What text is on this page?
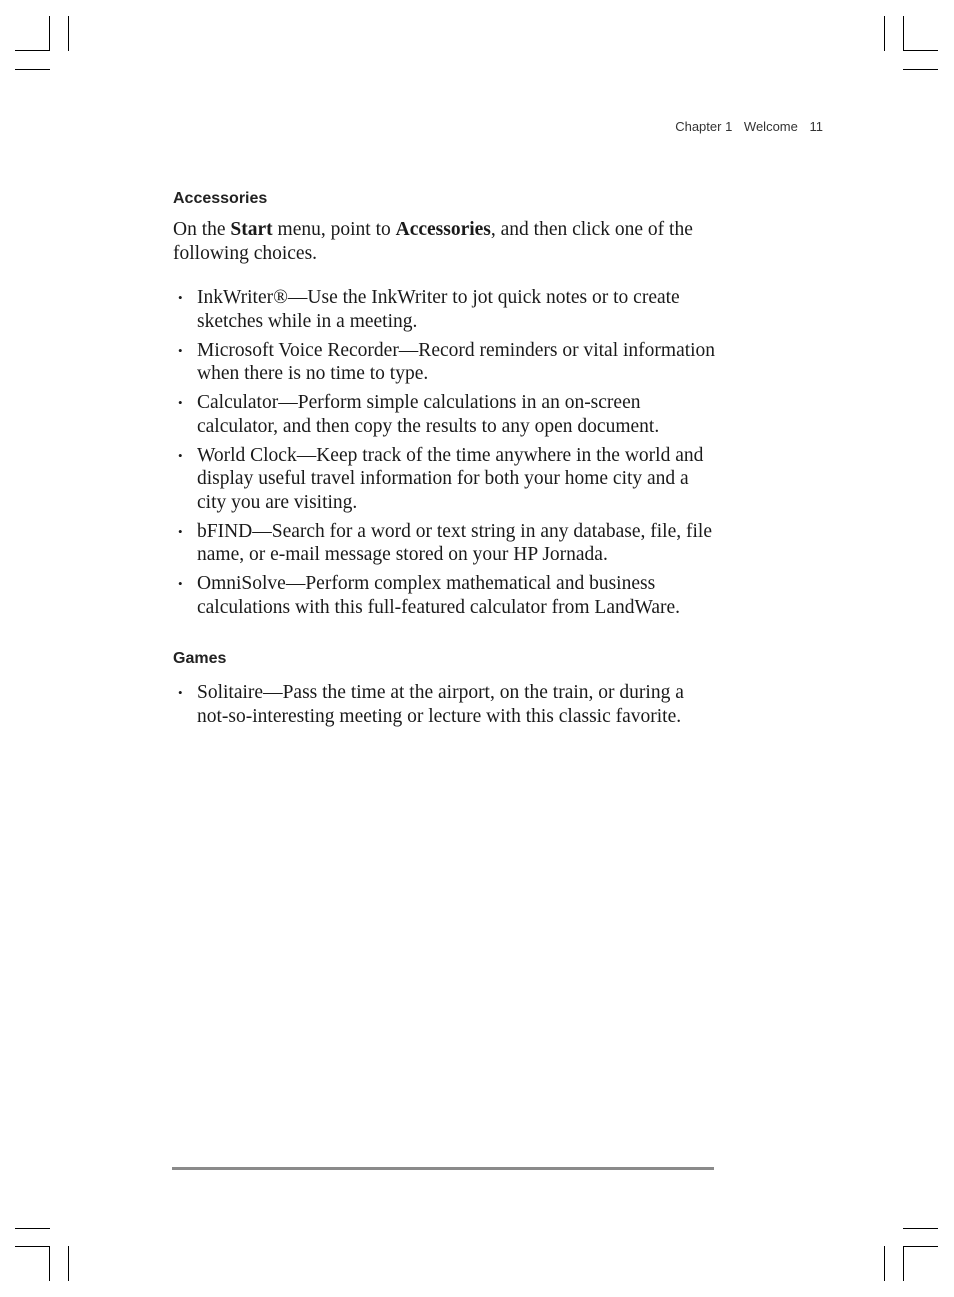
Chapter 1 Welcome 11
Accessories

On the Start menu, point to Accessories, and then click one of the following choices.

• InkWriter®—Use the InkWriter to jot quick notes or to create sketches while in a meeting.
• Microsoft Voice Recorder—Record reminders or vital information when there is no time to type.
• Calculator—Perform simple calculations in an on-screen calculator, and then copy the results to any open document.
• World Clock—Keep track of the time anywhere in the world and display useful travel information for both your home city and a city you are visiting.
• bFIND—Search for a word or text string in any database, file, file name, or e-mail message stored on your HP Jornada.
• OmniSolve—Perform complex mathematical and business calculations with this full-featured calculator from LandWare.
Games
• Solitaire—Pass the time at the airport, on the train, or during a not-so-interesting meeting or lecture with this classic favorite.
